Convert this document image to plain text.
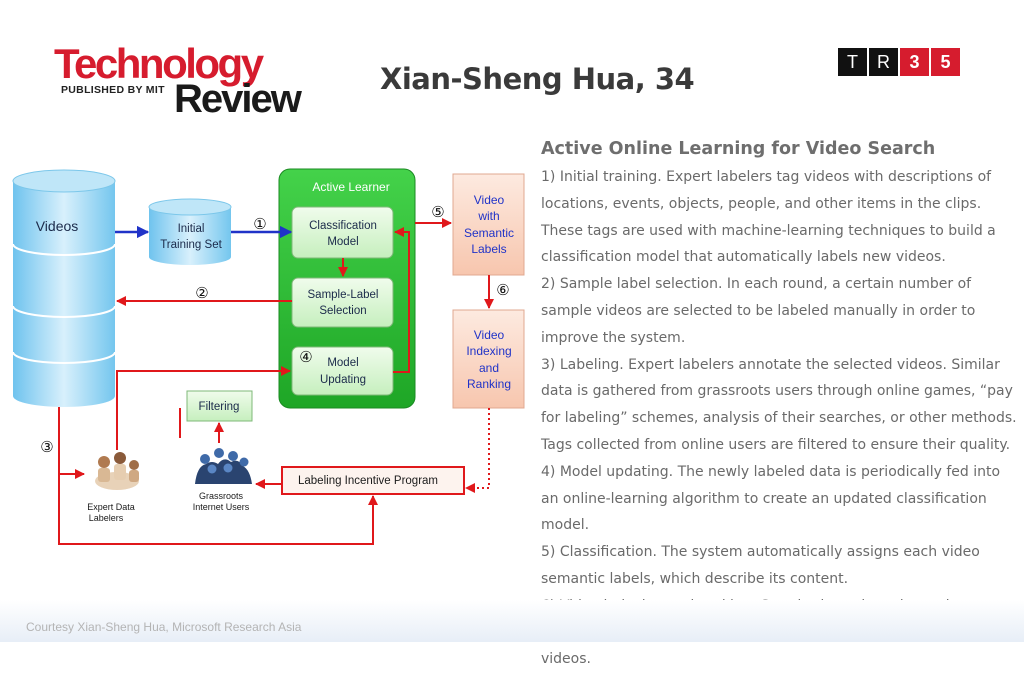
Technology
PUBLISHED BY MIT Review	Xian-Sheng Hua, 34	T	R	3	5
Videos	Initial
Training Set
Active Learner
Classification
Model
Sample-Label
Selection
Model
Updating
Video
with
Semantic
Labels
Video
Indexing
and
Ranking
Filtering
Labeling Incentive Program
Expert Data
Labelers
Grassroots
Internet Users
①
②
③
④
⑤
⑥
Active Online Learning for Video Search

1) Initial training. Expert labelers tag videos with descriptions of locations, events, objects, people, and other items in the clips. These tags are used with machine-learning techniques to build a classification model that automatically labels new videos.

2) Sample label selection. In each round, a certain number of sample videos are selected to be labeled manually in order to improve the system.

3) Labeling. Expert labelers annotate the selected videos. Similar data is gathered from grassroots users through online games, “pay for labeling” schemes, analysis of their searches, or other methods. Tags collected from online users are filtered to ensure their quality.

4) Model updating. The newly labeled data is periodically fed into an online-learning algorithm to create an updated classification model.

5) Classification. The system automatically assigns each video semantic labels, which describe its content.

videos.

Courtesy Xian-Sheng Hua, Microsoft Research Asia
